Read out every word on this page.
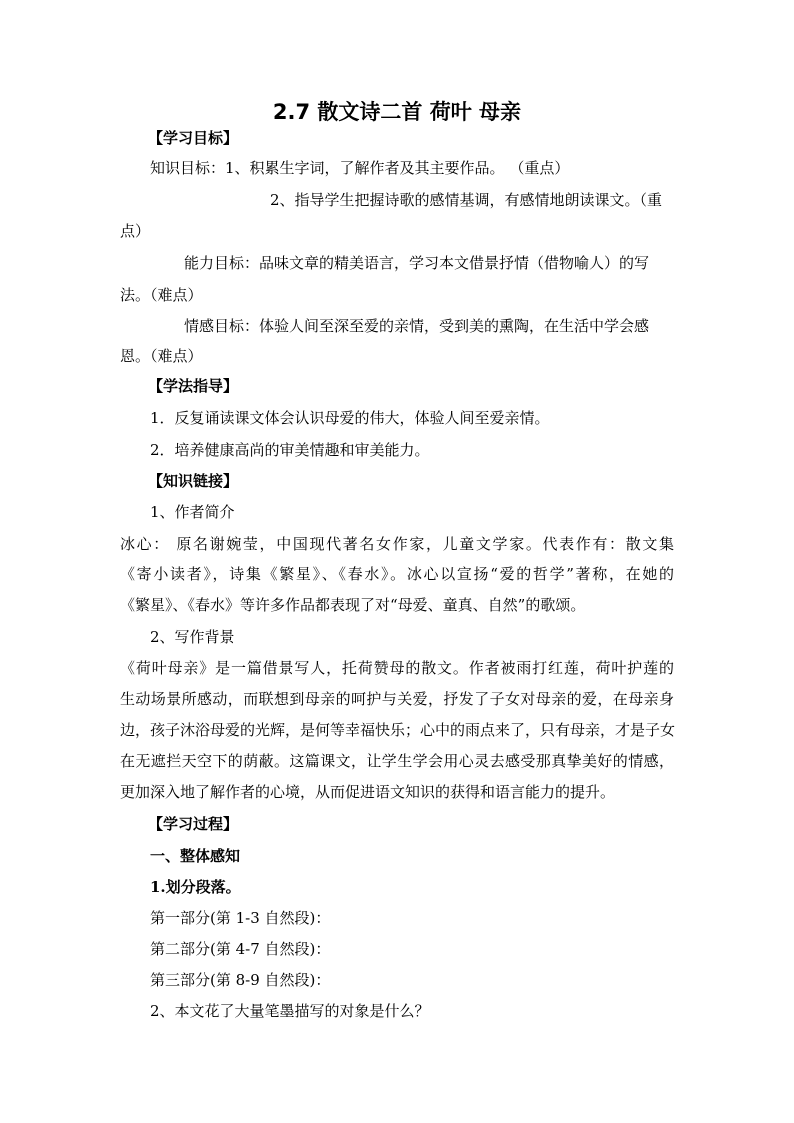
2.7 散文诗二首 荷叶 母亲
【学习目标】
知识目标：1、积累生字词，了解作者及其主要作品。 （重点）
2、指导学生把握诗歌的感情基调，有感情地朗读课文。（重
点）
能力目标：品味文章的精美语言，学习本文借景抒情（借物喻人）的写
法。（难点）
情感目标：体验人间至深至爱的亲情，受到美的熏陶，在生活中学会感
恩。（难点）
【学法指导】
1．反复诵读课文体会认识母爱的伟大，体验人间至爱亲情。
2．培养健康高尚的审美情趣和审美能力。
【知识链接】
1、作者简介
冰心： 原名谢婉莹，中国现代著名女作家，儿童文学家。代表作有：散文集
《寄小读者》，诗集《繁星》、《春水》。冰心以宣扬“爱的哲学”著称，在她的
《繁星》、《春水》等许多作品都表现了对“母爱、童真、自然”的歌颂。
2、写作背景
《荷叶母亲》是一篇借景写人，托荷赞母的散文。作者被雨打红莲，荷叶护莲的
生动场景所感动，而联想到母亲的呵护与关爱，抒发了子女对母亲的爱，在母亲身
边，孩子沐浴母爱的光辉，是何等幸福快乐；心中的雨点来了，只有母亲，才是子女
在无遮拦天空下的荫蔽。这篇课文，让学生学会用心灵去感受那真挚美好的情感，
更加深入地了解作者的心境，从而促进语文知识的获得和语言能力的提升。
【学习过程】
一、整体感知
1.划分段落。
第一部分(第 1-3 自然段)：
第二部分(第 4-7 自然段)：
第三部分(第 8-9 自然段)：
2、本文花了大量笔墨描写的对象是什么？
